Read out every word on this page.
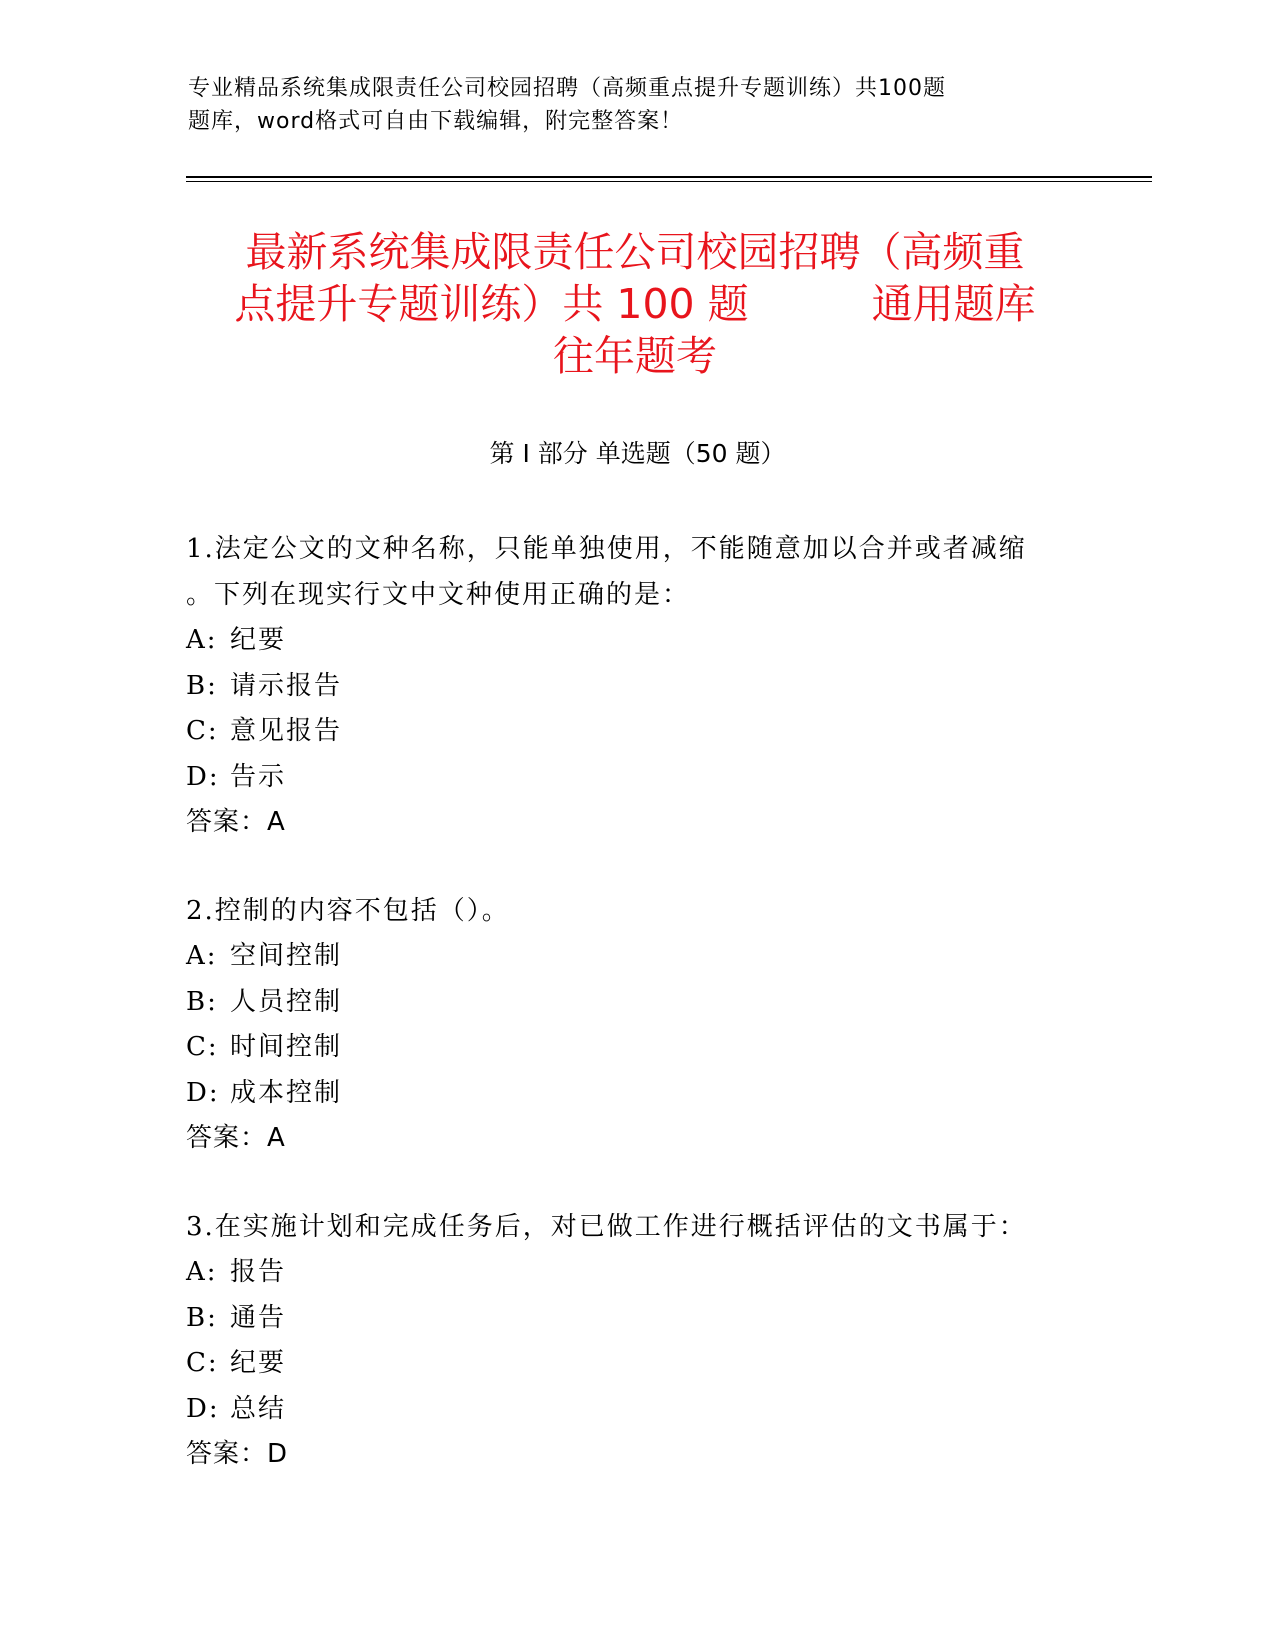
专业精品系统集成限责任公司校园招聘（高频重点提升专题训练）共100题
题库，word格式可自由下载编辑，附完整答案！
最新系统集成限责任公司校园招聘（高频重
点提升专题训练）共 100 题　　　通用题库
往年题考
第 I 部分 单选题（50 题）
1.法定公文的文种名称，只能单独使用，不能随意加以合并或者减缩
。下列在现实行文中文种使用正确的是：
A: 纪要
B: 请示报告
C: 意见报告
D: 告示
答案：A
2.控制的内容不包括（）。
A: 空间控制
B: 人员控制
C: 时间控制
D: 成本控制
答案：A
3.在实施计划和完成任务后，对已做工作进行概括评估的文书属于：
A: 报告
B: 通告
C: 纪要
D: 总结
答案：D
